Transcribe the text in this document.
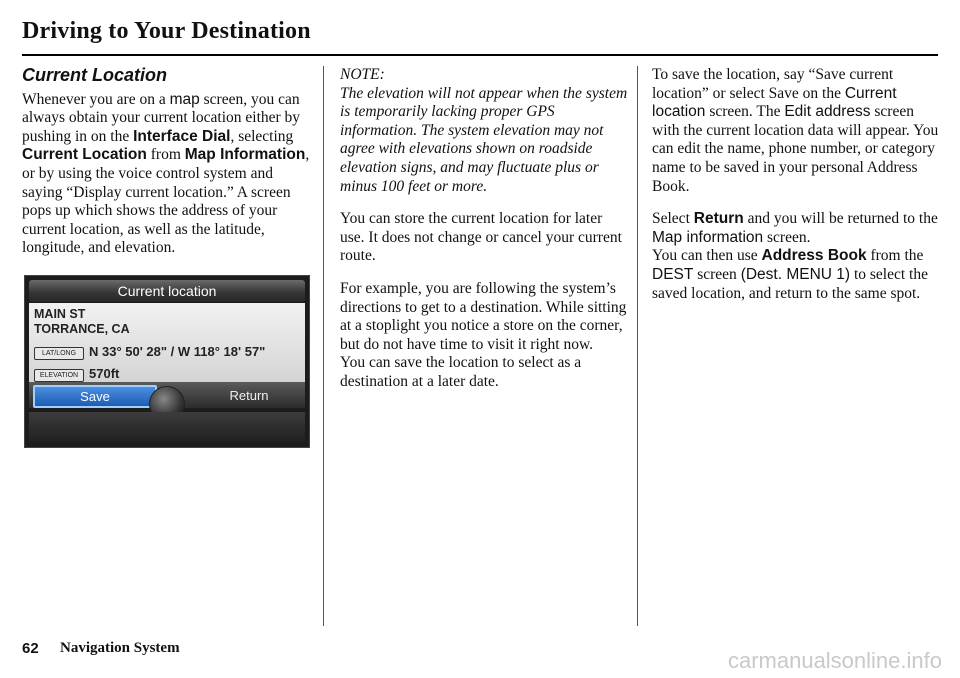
Driving to Your Destination
Current Location

Whenever you are on a map screen, you can always obtain your current location either by pushing in on the Interface Dial, selecting Current Location from Map Information, or by using the voice control system and saying “Display current location.” A screen pops up which shows the address of your current location, as well as the latitude, longitude, and elevation.

Current location
MAIN ST
TORRANCE, CA
LAT/LONG N 33° 50' 28" / W 118° 18' 57"
ELEVATION 570ft
Save	Return

NOTE:
The elevation will not appear when the system is temporarily lacking proper GPS information. The system elevation may not agree with elevations shown on roadside elevation signs, and may fluctuate plus or minus 100 feet or more.

You can store the current location for later use. It does not change or cancel your current route.

For example, you are following the system’s directions to get to a destination. While sitting at a stoplight you notice a store on the corner, but do not have time to visit it right now.
You can save the location to select as a destination at a later date.

To save the location, say “Save current location” or select Save on the Current location screen. The Edit address screen with the current location data will appear. You can edit the name, phone number, or category name to be saved in your personal Address Book.

Select Return and you will be returned to the Map information screen.

You can then use Address Book from the DEST screen (Dest. MENU 1) to select the saved location, and return to the same spot.

62 Navigation System	carmanualsonline.info
